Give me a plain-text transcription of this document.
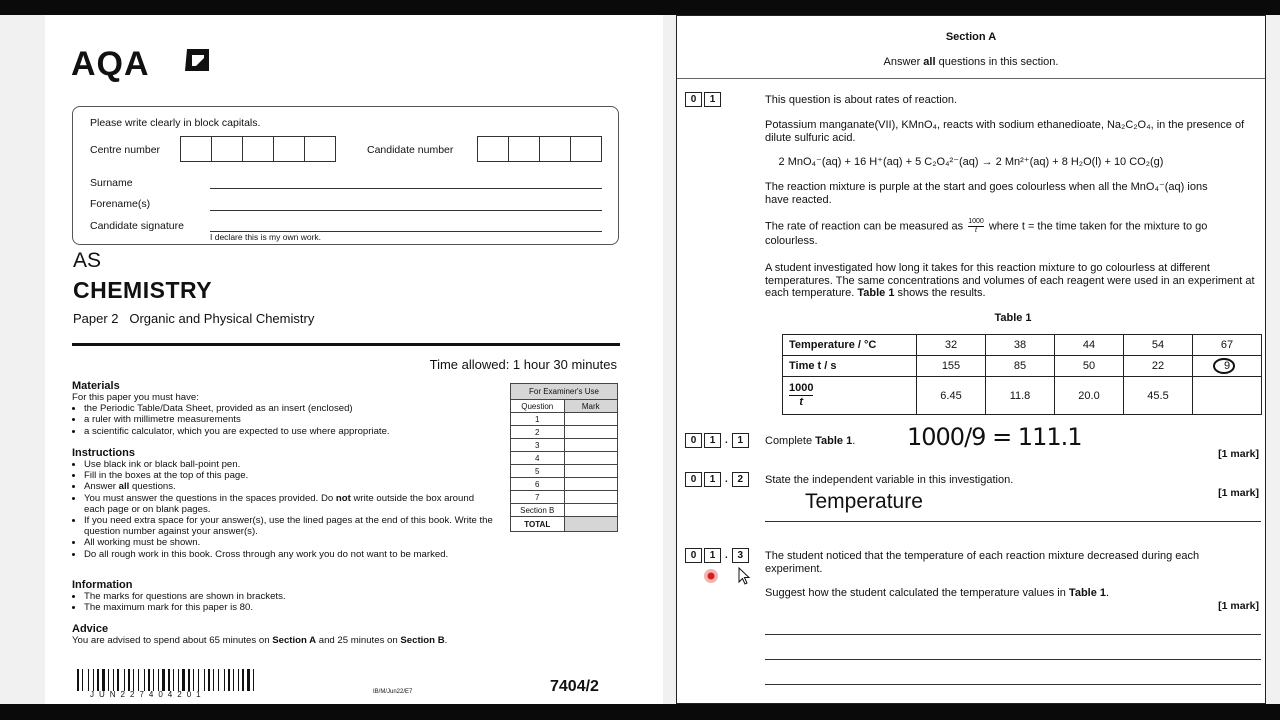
AQA
Please write clearly in block capitals.
Centre number	Candidate number
Surname
Forename(s)
Candidate signature
I declare this is my own work.
AS
CHEMISTRY
Paper 2   Organic and Physical Chemistry
Time allowed: 1 hour 30 minutes
Materials
For this paper you must have:
• the Periodic Table/Data Sheet, provided as an insert (enclosed)
• a ruler with millimetre measurements
• a scientific calculator, which you are expected to use where appropriate.
Instructions
• Use black ink or black ball-point pen.
• Fill in the boxes at the top of this page.
• Answer all questions.
• You must answer the questions in the spaces provided. Do not write outside the box around each page or on blank pages.
• If you need extra space for your answer(s), use the lined pages at the end of this book. Write the question number against your answer(s).
• All working must be shown.
• Do all rough work in this book. Cross through any work you do not want to be marked.
Information
• The marks for questions are shown in brackets.
• The maximum mark for this paper is 80.
Advice
You are advised to spend about 65 minutes on Section A and 25 minutes on Section B.
For Examiner's Use	
Question	Mark
1	
2	
3	
4	
5	
6	
7	
Section B	
TOTAL	
JUN227404201	IB/M/Jun22/E7	7404/2
Section A
Answer all questions in this section.
0	1	This question is about rates of reaction.
Potassium manganate(VII), KMnO₄, reacts with sodium ethanedioate, Na₂C₂O₄, in the presence of dilute sulfuric acid.
2 MnO₄⁻(aq) + 16 H⁺(aq) + 5 C₂O₄²⁻(aq) → 2 Mn²⁺(aq) + 8 H₂O(l) + 10 CO₂(g)
The reaction mixture is purple at the start and goes colourless when all the MnO₄⁻(aq) ions have reacted.
The rate of reaction can be measured as $\frac{1000}{t}$ where t = the time taken for the mixture to go colourless.
A student investigated how long it takes for this reaction mixture to go colourless at different temperatures. The same concentrations and volumes of each reagent were used in an experiment at each temperature. Table 1 shows the results.
Table 1
Temperature / °C	32	38	44	54	67
Time t / s	155	85	50	22	9

$\frac{1000}{t}$	6.45	11.8	20.0	45.5	
0	1 . 1	Complete Table 1. 1000/9 = 111.1
[1 mark]
0	1 . 2	State the independent variable in this investigation.
[1 mark]
Temperature
0	1 . 3	The student noticed that the temperature of each reaction mixture decreased during each experiment.
Suggest how the student calculated the temperature values in Table 1.
[1 mark]
